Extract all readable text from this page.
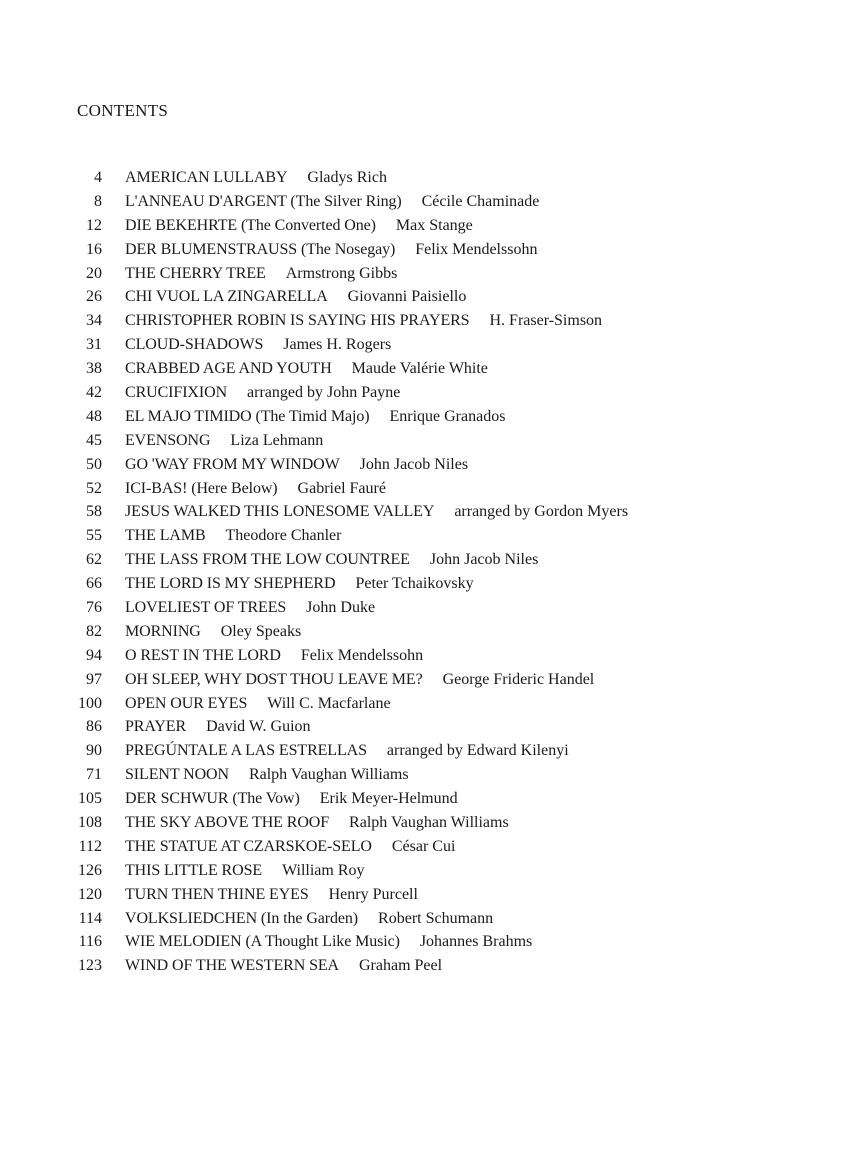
CONTENTS
4 AMERICAN LULLABY Gladys Rich
8 L'ANNEAU D'ARGENT (The Silver Ring) Cécile Chaminade
12 DIE BEKEHRTE (The Converted One) Max Stange
16 DER BLUMENSTRAUSS (The Nosegay) Felix Mendelssohn
20 THE CHERRY TREE Armstrong Gibbs
26 CHI VUOL LA ZINGARELLA Giovanni Paisiello
34 CHRISTOPHER ROBIN IS SAYING HIS PRAYERS H. Fraser-Simson
31 CLOUD-SHADOWS James H. Rogers
38 CRABBED AGE AND YOUTH Maude Valérie White
42 CRUCIFIXION arranged by John Payne
48 EL MAJO TIMIDO (The Timid Majo) Enrique Granados
45 EVENSONG Liza Lehmann
50 GO 'WAY FROM MY WINDOW John Jacob Niles
52 ICI-BAS! (Here Below) Gabriel Fauré
58 JESUS WALKED THIS LONESOME VALLEY arranged by Gordon Myers
55 THE LAMB Theodore Chanler
62 THE LASS FROM THE LOW COUNTREE John Jacob Niles
66 THE LORD IS MY SHEPHERD Peter Tchaikovsky
76 LOVELIEST OF TREES John Duke
82 MORNING Oley Speaks
94 O REST IN THE LORD Felix Mendelssohn
97 OH SLEEP, WHY DOST THOU LEAVE ME? George Frideric Handel
100 OPEN OUR EYES Will C. Macfarlane
86 PRAYER David W. Guion
90 PREGÚNTALE A LAS ESTRELLAS arranged by Edward Kilenyi
71 SILENT NOON Ralph Vaughan Williams
105 DER SCHWUR (The Vow) Erik Meyer-Helmund
108 THE SKY ABOVE THE ROOF Ralph Vaughan Williams
112 THE STATUE AT CZARSKOE-SELO César Cui
126 THIS LITTLE ROSE William Roy
120 TURN THEN THINE EYES Henry Purcell
114 VOLKSLIEDCHEN (In the Garden) Robert Schumann
116 WIE MELODIEN (A Thought Like Music) Johannes Brahms
123 WIND OF THE WESTERN SEA Graham Peel
